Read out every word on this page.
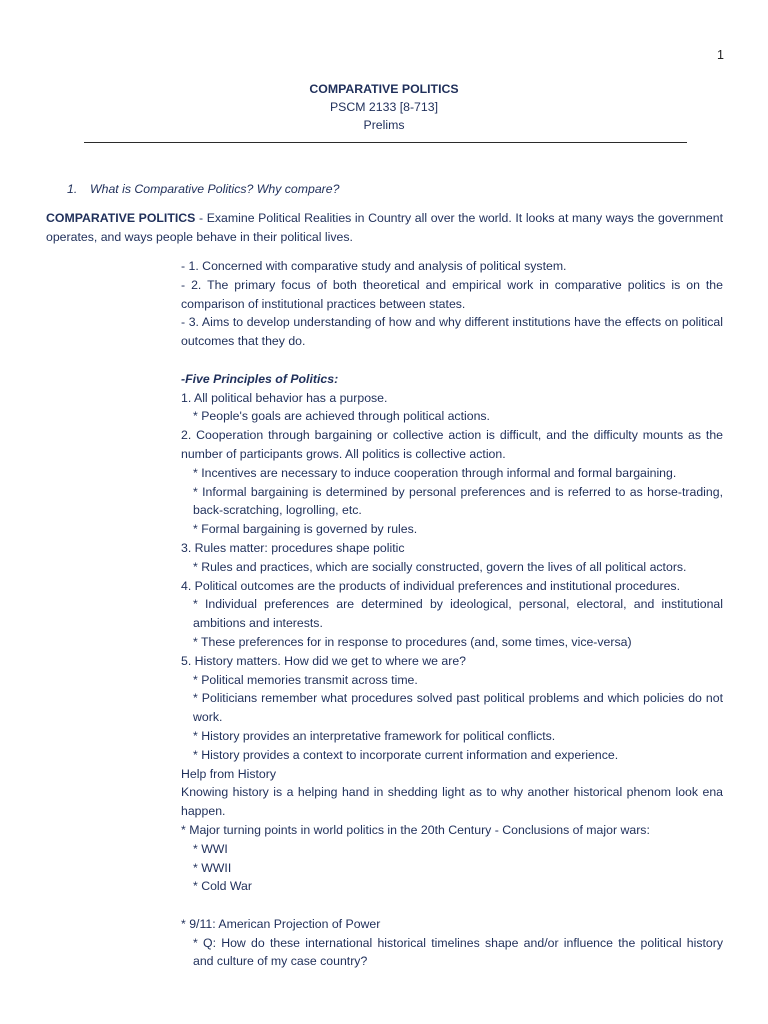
1
COMPARATIVE POLITICS
PSCM 2133 [8-713]
Prelims
1. What is Comparative Politics? Why compare?
COMPARATIVE POLITICS - Examine Political Realities in Country all over the world. It looks at many ways the government operates, and ways people behave in their political lives.

- 1. Concerned with comparative study and analysis of political system.

- 2. The primary focus of both theoretical and empirical work in comparative politics is on the comparison of institutional practices between states.

- 3. Aims to develop understanding of how and why different institutions have the effects on political outcomes that they do.

-Five Principles of Politics:

1. All political behavior has a purpose.

* People's goals are achieved through political actions.

2. Cooperation through bargaining or collective action is difficult, and the difficulty mounts as the number of participants grows. All politics is collective action.

* Incentives are necessary to induce cooperation through informal and formal bargaining.

* Informal bargaining is determined by personal preferences and is referred to as horse-trading, back-scratching, logrolling, etc.

* Formal bargaining is governed by rules.

3. Rules matter: procedures shape politic

* Rules and practices, which are socially constructed, govern the lives of all political actors.

4. Political outcomes are the products of individual preferences and institutional procedures.

* Individual preferences are determined by ideological, personal, electoral, and institutional ambitions and interests.

* These preferences for in response to procedures (and, some times, vice-versa)

5. History matters. How did we get to where we are?

* Political memories transmit across time.

* Politicians remember what procedures solved past political problems and which policies do not work.

* History provides an interpretative framework for political conflicts.

* History provides a context to incorporate current information and experience.

Help from History

Knowing history is a helping hand in shedding light as to why another historical phenom look ena happen.

* Major turning points in world politics in the 20th Century - Conclusions of major wars:

* WWI

* WWII

* Cold War

* 9/11: American Projection of Power

* Q: How do these international historical timelines shape and/or influence the political history and culture of my case country?
